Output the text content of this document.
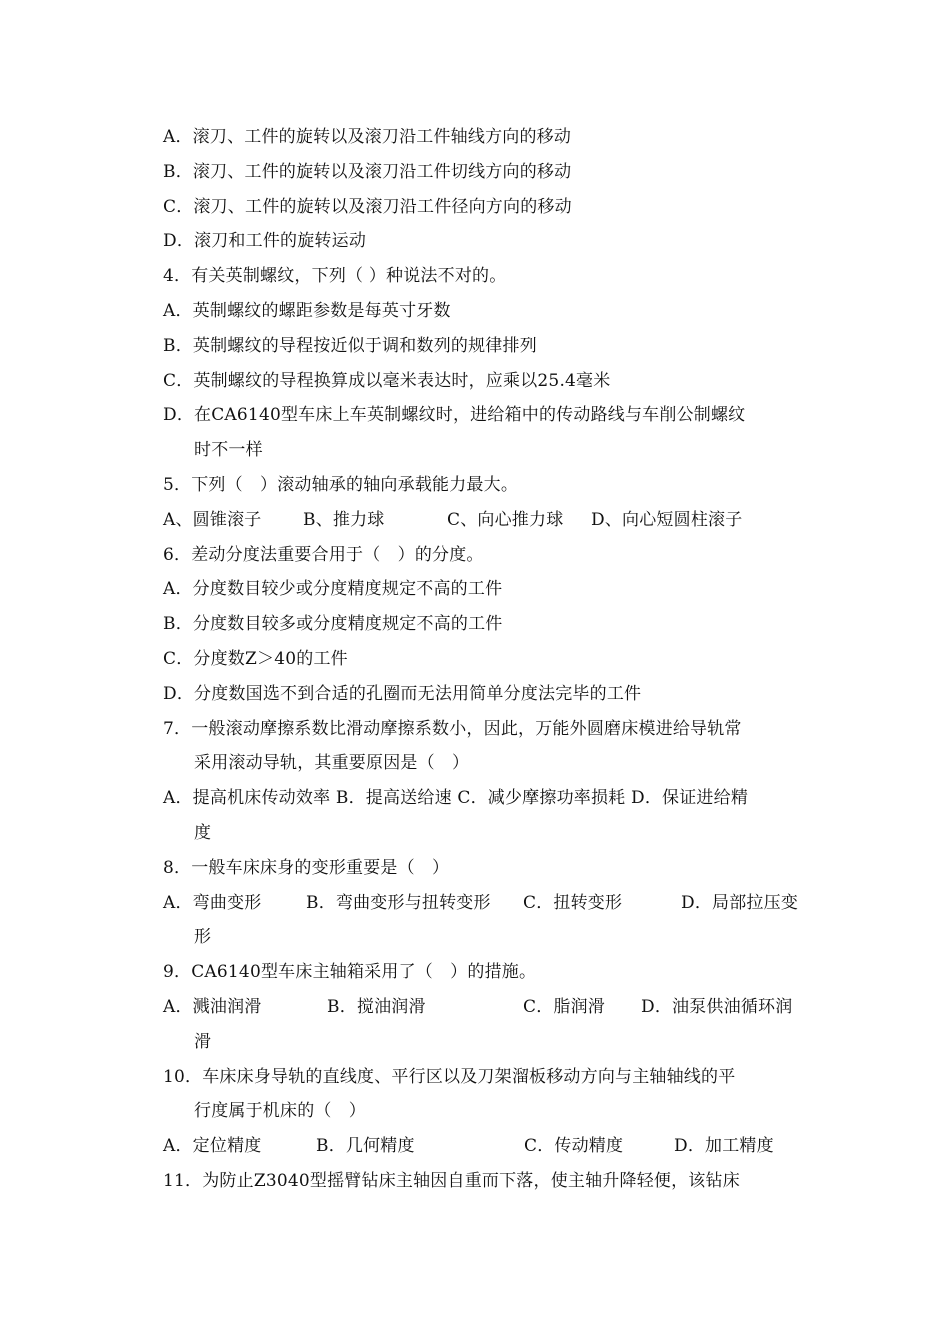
A．滚刀、工件的旋转以及滚刀沿工件轴线方向的移动
B．滚刀、工件的旋转以及滚刀沿工件切线方向的移动
C．滚刀、工件的旋转以及滚刀沿工件径向方向的移动
D．滚刀和工件的旋转运动
4．有关英制螺纹，下列（ ）种说法不对的。
A．英制螺纹的螺距参数是每英寸牙数
B．英制螺纹的导程按近似于调和数列的规律排列
C．英制螺纹的导程换算成以毫米表达时，应乘以25.4毫米
D．在CA6140型车床上车英制螺纹时，进给箱中的传动路线与车削公制螺纹
时不一样
5．下列（　）滚动轴承的轴向承载能力最大。
A、圆锥滚子 B、推力球	C、向心推力球 D、向心短圆柱滚子
6．差动分度法重要合用于（　）的分度。
A．分度数目较少或分度精度规定不高的工件
B．分度数目较多或分度精度规定不高的工件
C．分度数Z＞40的工件
D．分度数国选不到合适的孔圈而无法用简单分度法完毕的工件
7．一般滚动摩擦系数比滑动摩擦系数小，因此，万能外圆磨床模进给导轨常
采用滚动导轨，其重要原因是（　）
A．提高机床传动效率 B．提高送给速 C．减少摩擦功率损耗 D．保证进给精
度
8．一般车床床身的变形重要是（　）
A．弯曲变形	B．弯曲变形与扭转变形 C．扭转变形	D．局部拉压变
形
9．CA6140型车床主轴箱采用了（　）的措施。
A．溅油润滑	B．搅油润滑	C．脂润滑 D．油泵供油循环润
滑
10．车床床身导轨的直线度、平行区以及刀架溜板移动方向与主轴轴线的平
行度属于机床的（　）
A．定位精度	B．几何精度	C．传动精度	D．加工精度
11．为防止Z3040型摇臂钻床主轴因自重而下落，使主轴升降轻便，该钻床
